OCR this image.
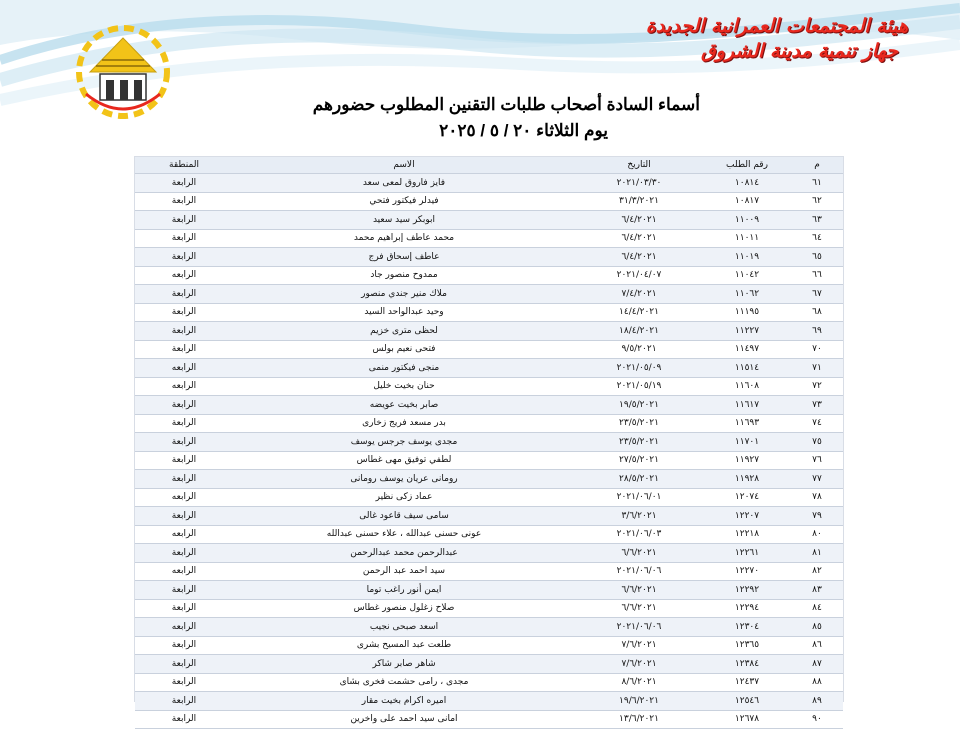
هيئة المجتمعات العمرانية الجديدة
جهاز تنمية مدينة الشروق
أسماء السادة أصحاب طلبات التقنين المطلوب حضورهم
يوم الثلاثاء ٢٠ / ٥ / ٢٠٢٥
م	رقم الطلب	التاريخ	الاسم	المنطقة
٦١	١٠٨١٤	٢٠٢١/٠٣/٣٠	فايز فاروق لمعى سعد	الرابعة
٦٢	١٠٨١٧	٣١/٣/٢٠٢١	فيدلر فيكتور فتحي	الرابعة
٦٣	١١٠٠٩	٦/٤/٢٠٢١	ابوبكر سيد سعيد	الرابعة
٦٤	١١٠١١	٦/٤/٢٠٢١	محمد عاطف إبراهيم محمد	الرابعة
٦٥	١١٠١٩	٦/٤/٢٠٢١	عاطف إسحاق فرج	الرابعة
٦٦	١١٠٤٢	٢٠٢١/٠٤/٠٧	ممدوح منصور جاد	الرابعه
٦٧	١١٠٦٢	٧/٤/٢٠٢١	ملاك منير جندي منصور	الرابعة
٦٨	١١١٩٥	١٤/٤/٢٠٢١	وحيد عبدالواحد السيد	الرابعة
٦٩	١١٢٢٧	١٨/٤/٢٠٢١	لحظى مترى خزيم	الرابعة
٧٠	١١٤٩٧	٩/٥/٢٠٢١	فتحى نعيم بولس	الرابعة
٧١	١١٥١٤	٢٠٢١/٠٥/٠٩	منجى فيكتور منمى	الرابعه
٧٢	١١٦٠٨	٢٠٢١/٠٥/١٩	حنان بخيت خليل	الرابعه
٧٣	١١٦١٧	١٩/٥/٢٠٢١	صابر بخيت عويضه	الرابعة
٧٤	١١٦٩٣	٢٣/٥/٢٠٢١	بدر مسعد فريج زخارى	الرابعة
٧٥	١١٧٠١	٢٣/٥/٢٠٢١	مجدى يوسف جرجس يوسف	الرابعة
٧٦	١١٩٢٧	٢٧/٥/٢٠٢١	لطفي توفيق مهى غطاس	الرابعة
٧٧	١١٩٢٨	٢٨/٥/٢٠٢١	رومانى عريان يوسف رومانى	الرابعة
٧٨	١٢٠٧٤	٢٠٢١/٠٦/٠١	عماد زكى نظير	الرابعه
٧٩	١٢٢٠٧	٣/٦/٢٠٢١	سامى سيف قاعود غالى	الرابعة
٨٠	١٢٢١٨	٢٠٢١/٠٦/٠٣	عونى حسنى عبدالله ، علاء حسنى عبدالله	الرابعه
٨١	١٢٢٦١	٦/٦/٢٠٢١	عبدالرحمن محمد عبدالرحمن	الرابعة
٨٢	١٢٢٧٠	٢٠٢١/٠٦/٠٦	سيد احمد عبد الرحمن	الرابعه
٨٣	١٢٢٩٢	٦/٦/٢٠٢١	ايمن أنور راغب توما	الرابعة
٨٤	١٢٢٩٤	٦/٦/٢٠٢١	صلاح زغلول منصور غطاس	الرابعة
٨٥	١٢٣٠٤	٢٠٢١/٠٦/٠٦	اسعد صبحى نجيب	الرابعه
٨٦	١٢٣٦٥	٧/٦/٢٠٢١	طلعت عبد المسيح بشرى	الرابعة
٨٧	١٢٣٨٤	٧/٦/٢٠٢١	شاهر صابر شاكر	الرابعة
٨٨	١٢٤٣٧	٨/٦/٢٠٢١	مجدى ، رامى حشمت فخرى بشاى	الرابعة
٨٩	١٢٥٤٦	١٩/٦/٢٠٢١	اميره اكرام بخيت مقار	الرابعة
٩٠	١٢٦٧٨	١٣/٦/٢٠٢١	امانى سيد احمد على واخرين	الرابعة
